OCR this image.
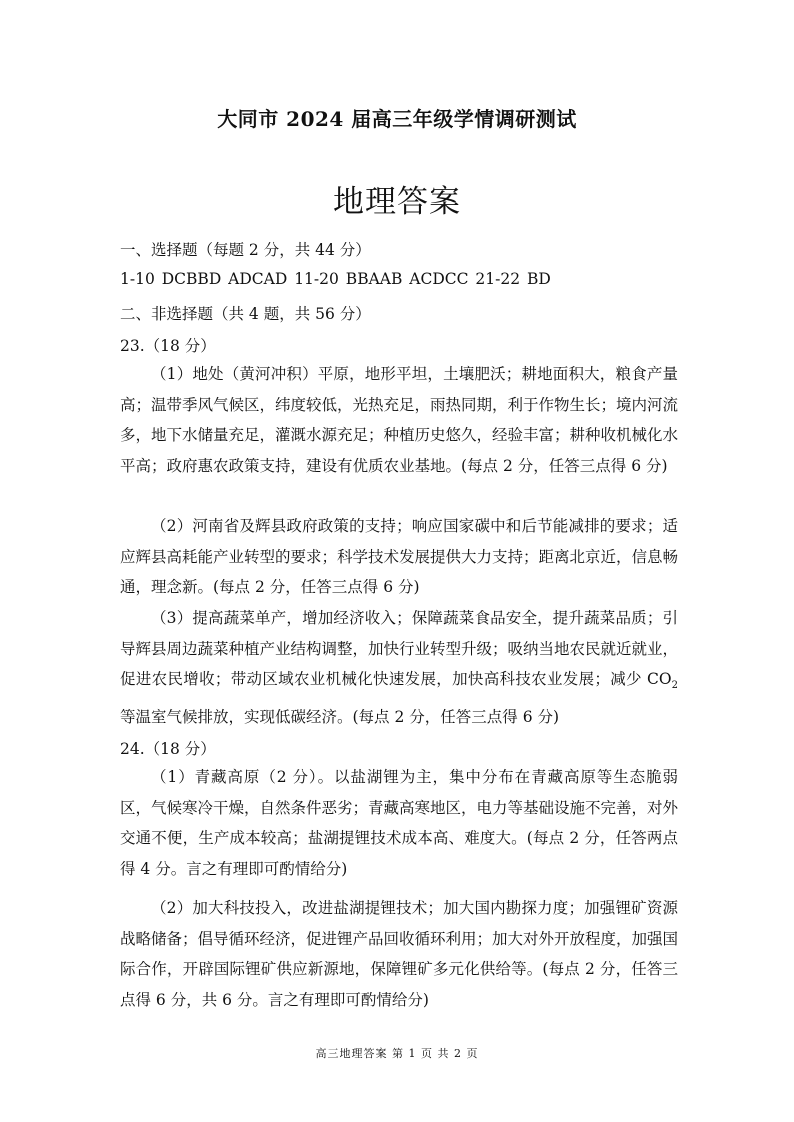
大同市 2024 届高三年级学情调研测试
地理答案
一、选择题（每题 2 分，共 44 分）
1-10 DCBBD ADCAD 11-20 BBAAB ACDCC 21-22 BD
二、非选择题（共 4 题，共 56 分）
23.（18 分）
（1）地处（黄河冲积）平原，地形平坦，土壤肥沃；耕地面积大，粮食产量高；温带季风气候区，纬度较低，光热充足，雨热同期，利于作物生长；境内河流多，地下水储量充足，灌溉水源充足；种植历史悠久，经验丰富；耕种收机械化水平高；政府惠农政策支持，建设有优质农业基地。(每点 2 分，任答三点得 6 分)
（2）河南省及辉县政府政策的支持；响应国家碳中和后节能减排的要求；适应辉县高耗能产业转型的要求；科学技术发展提供大力支持；距离北京近，信息畅通，理念新。(每点 2 分，任答三点得 6 分)
（3）提高蔬菜单产，增加经济收入；保障蔬菜食品安全，提升蔬菜品质；引导辉县周边蔬菜种植产业结构调整，加快行业转型升级；吸纳当地农民就近就业，促进农民增收；带动区域农业机械化快速发展，加快高科技农业发展；减少 $CO_2$ 等温室气候排放，实现低碳经济。(每点 2 分，任答三点得 6 分)
24.（18 分）
（1）青藏高原（2 分）。以盐湖锂为主，集中分布在青藏高原等生态脆弱区，气候寒冷干燥，自然条件恶劣；青藏高寒地区，电力等基础设施不完善，对外交通不便，生产成本较高；盐湖提锂技术成本高、难度大。(每点 2 分，任答两点得 4 分。言之有理即可酌情给分)
（2）加大科技投入，改进盐湖提锂技术；加大国内勘探力度；加强锂矿资源战略储备；倡导循环经济，促进锂产品回收循环利用；加大对外开放程度，加强国际合作，开辟国际锂矿供应新源地，保障锂矿多元化供给等。(每点 2 分，任答三点得 6 分，共 6 分。言之有理即可酌情给分)
高三地理答案 第 1 页 共 2 页
